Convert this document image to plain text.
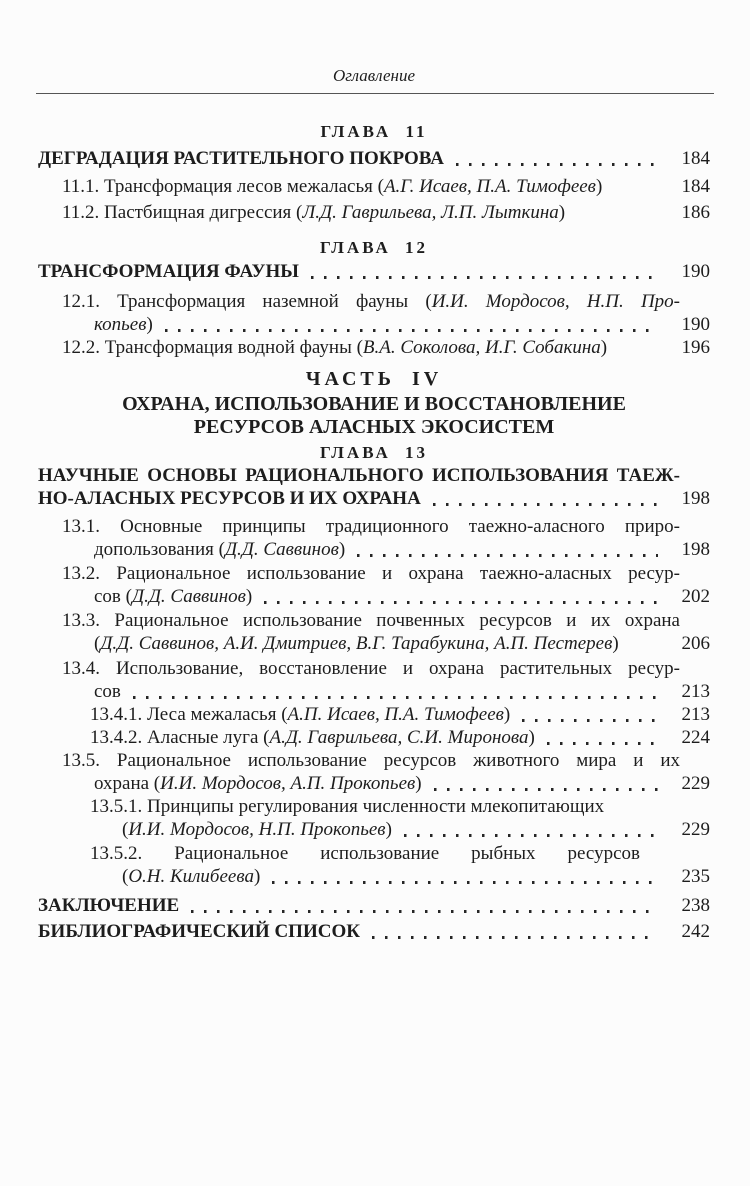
Оглавление
ГЛАВА 11
ДЕГРАДАЦИЯ РАСТИТЕЛЬНОГО ПОКРОВА	184
11.1. Трансформация лесов межаласья (А.Г. Исаев, П.А. Тимофеев)	184
11.2. Пастбищная дигрессия (Л.Д. Гаврильева, Л.П. Лыткина)	186
ГЛАВА 12
ТРАНСФОРМАЦИЯ ФАУНЫ	190
12.1. Трансформация наземной фауны (И.И. Мордосов, Н.П. Про-
копьев)	190
12.2. Трансформация водной фауны (В.А. Соколова, И.Г. Собакина)	196
ЧАСТЬ IV
ОХРАНА, ИСПОЛЬЗОВАНИЕ И ВОССТАНОВЛЕНИЕ
РЕСУРСОВ АЛАСНЫХ ЭКОСИСТЕМ
ГЛАВА 13
НАУЧНЫЕ ОСНОВЫ РАЦИОНАЛЬНОГО ИСПОЛЬЗОВАНИЯ ТАЕЖ-
НО-АЛАСНЫХ РЕСУРСОВ И ИХ ОХРАНА	198
13.1. Основные принципы традиционного таежно-аласного приро-
допользования (Д.Д. Саввинов)	198
13.2. Рациональное использование и охрана таежно-аласных ресур-
сов (Д.Д. Саввинов)	202
13.3. Рациональное использование почвенных ресурсов и их охрана
(Д.Д. Саввинов, А.И. Дмитриев, В.Г. Тарабукина, А.П. Пестерев)	206
13.4. Использование, восстановление и охрана растительных ресур-
сов	213
13.4.1. Леса межаласья (А.П. Исаев, П.А. Тимофеев)	213
13.4.2. Аласные луга (А.Д. Гаврильева, С.И. Миронова)	224
13.5. Рациональное использование ресурсов животного мира и их
охрана (И.И. Мордосов, А.П. Прокопьев)	229
13.5.1. Принципы регулирования численности млекопитающих
(И.И. Мордосов, Н.П. Прокопьев)	229
13.5.2. Рациональное использование рыбных ресурсов
(О.Н. Килибеева)	235
ЗАКЛЮЧЕНИЕ	238
БИБЛИОГРАФИЧЕСКИЙ СПИСОК	242
